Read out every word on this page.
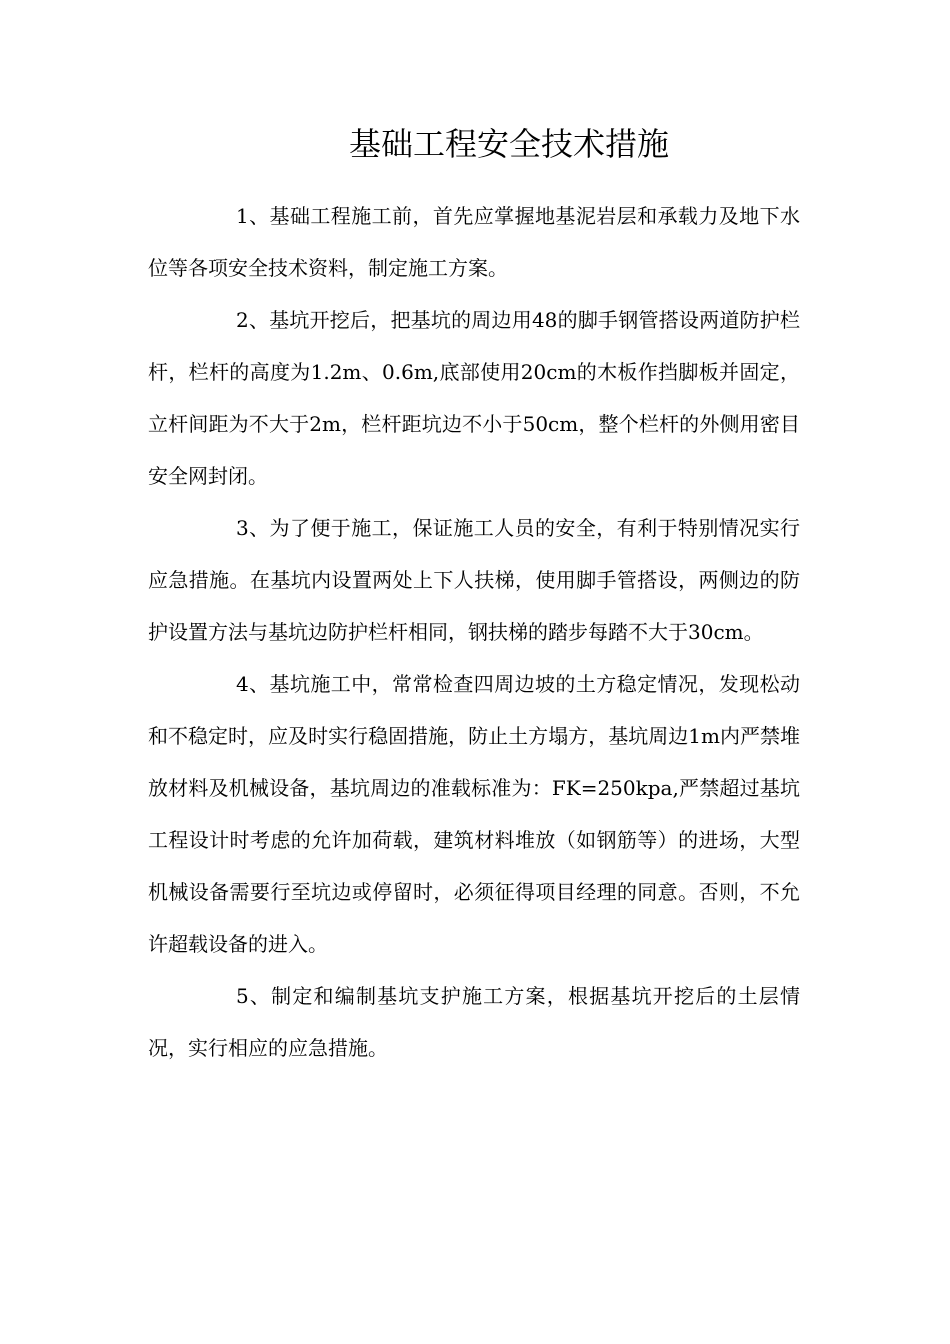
基础工程安全技术措施

1、基础工程施工前，首先应掌握地基泥岩层和承载力及地下水位等各项安全技术资料，制定施工方案。

2、基坑开挖后，把基坑的周边用48的脚手钢管搭设两道防护栏杆，栏杆的高度为1.2m、0.6m,底部使用20cm的木板作挡脚板并固定，立杆间距为不大于2m，栏杆距坑边不小于50cm，整个栏杆的外侧用密目安全网封闭。

3、为了便于施工，保证施工人员的安全，有利于特别情况实行应急措施。在基坑内设置两处上下人扶梯，使用脚手管搭设，两侧边的防护设置方法与基坑边防护栏杆相同，钢扶梯的踏步每踏不大于30cm。

4、基坑施工中，常常检查四周边坡的土方稳定情况，发现松动和不稳定时，应及时实行稳固措施，防止土方塌方，基坑周边1m内严禁堆放材料及机械设备，基坑周边的准载标准为：FK=250kpa,严禁超过基坑工程设计时考虑的允许加荷载，建筑材料堆放（如钢筋等）的进场，大型机械设备需要行至坑边或停留时，必须征得项目经理的同意。否则，不允许超载设备的进入。

5、制定和编制基坑支护施工方案，根据基坑开挖后的土层情况，实行相应的应急措施。
